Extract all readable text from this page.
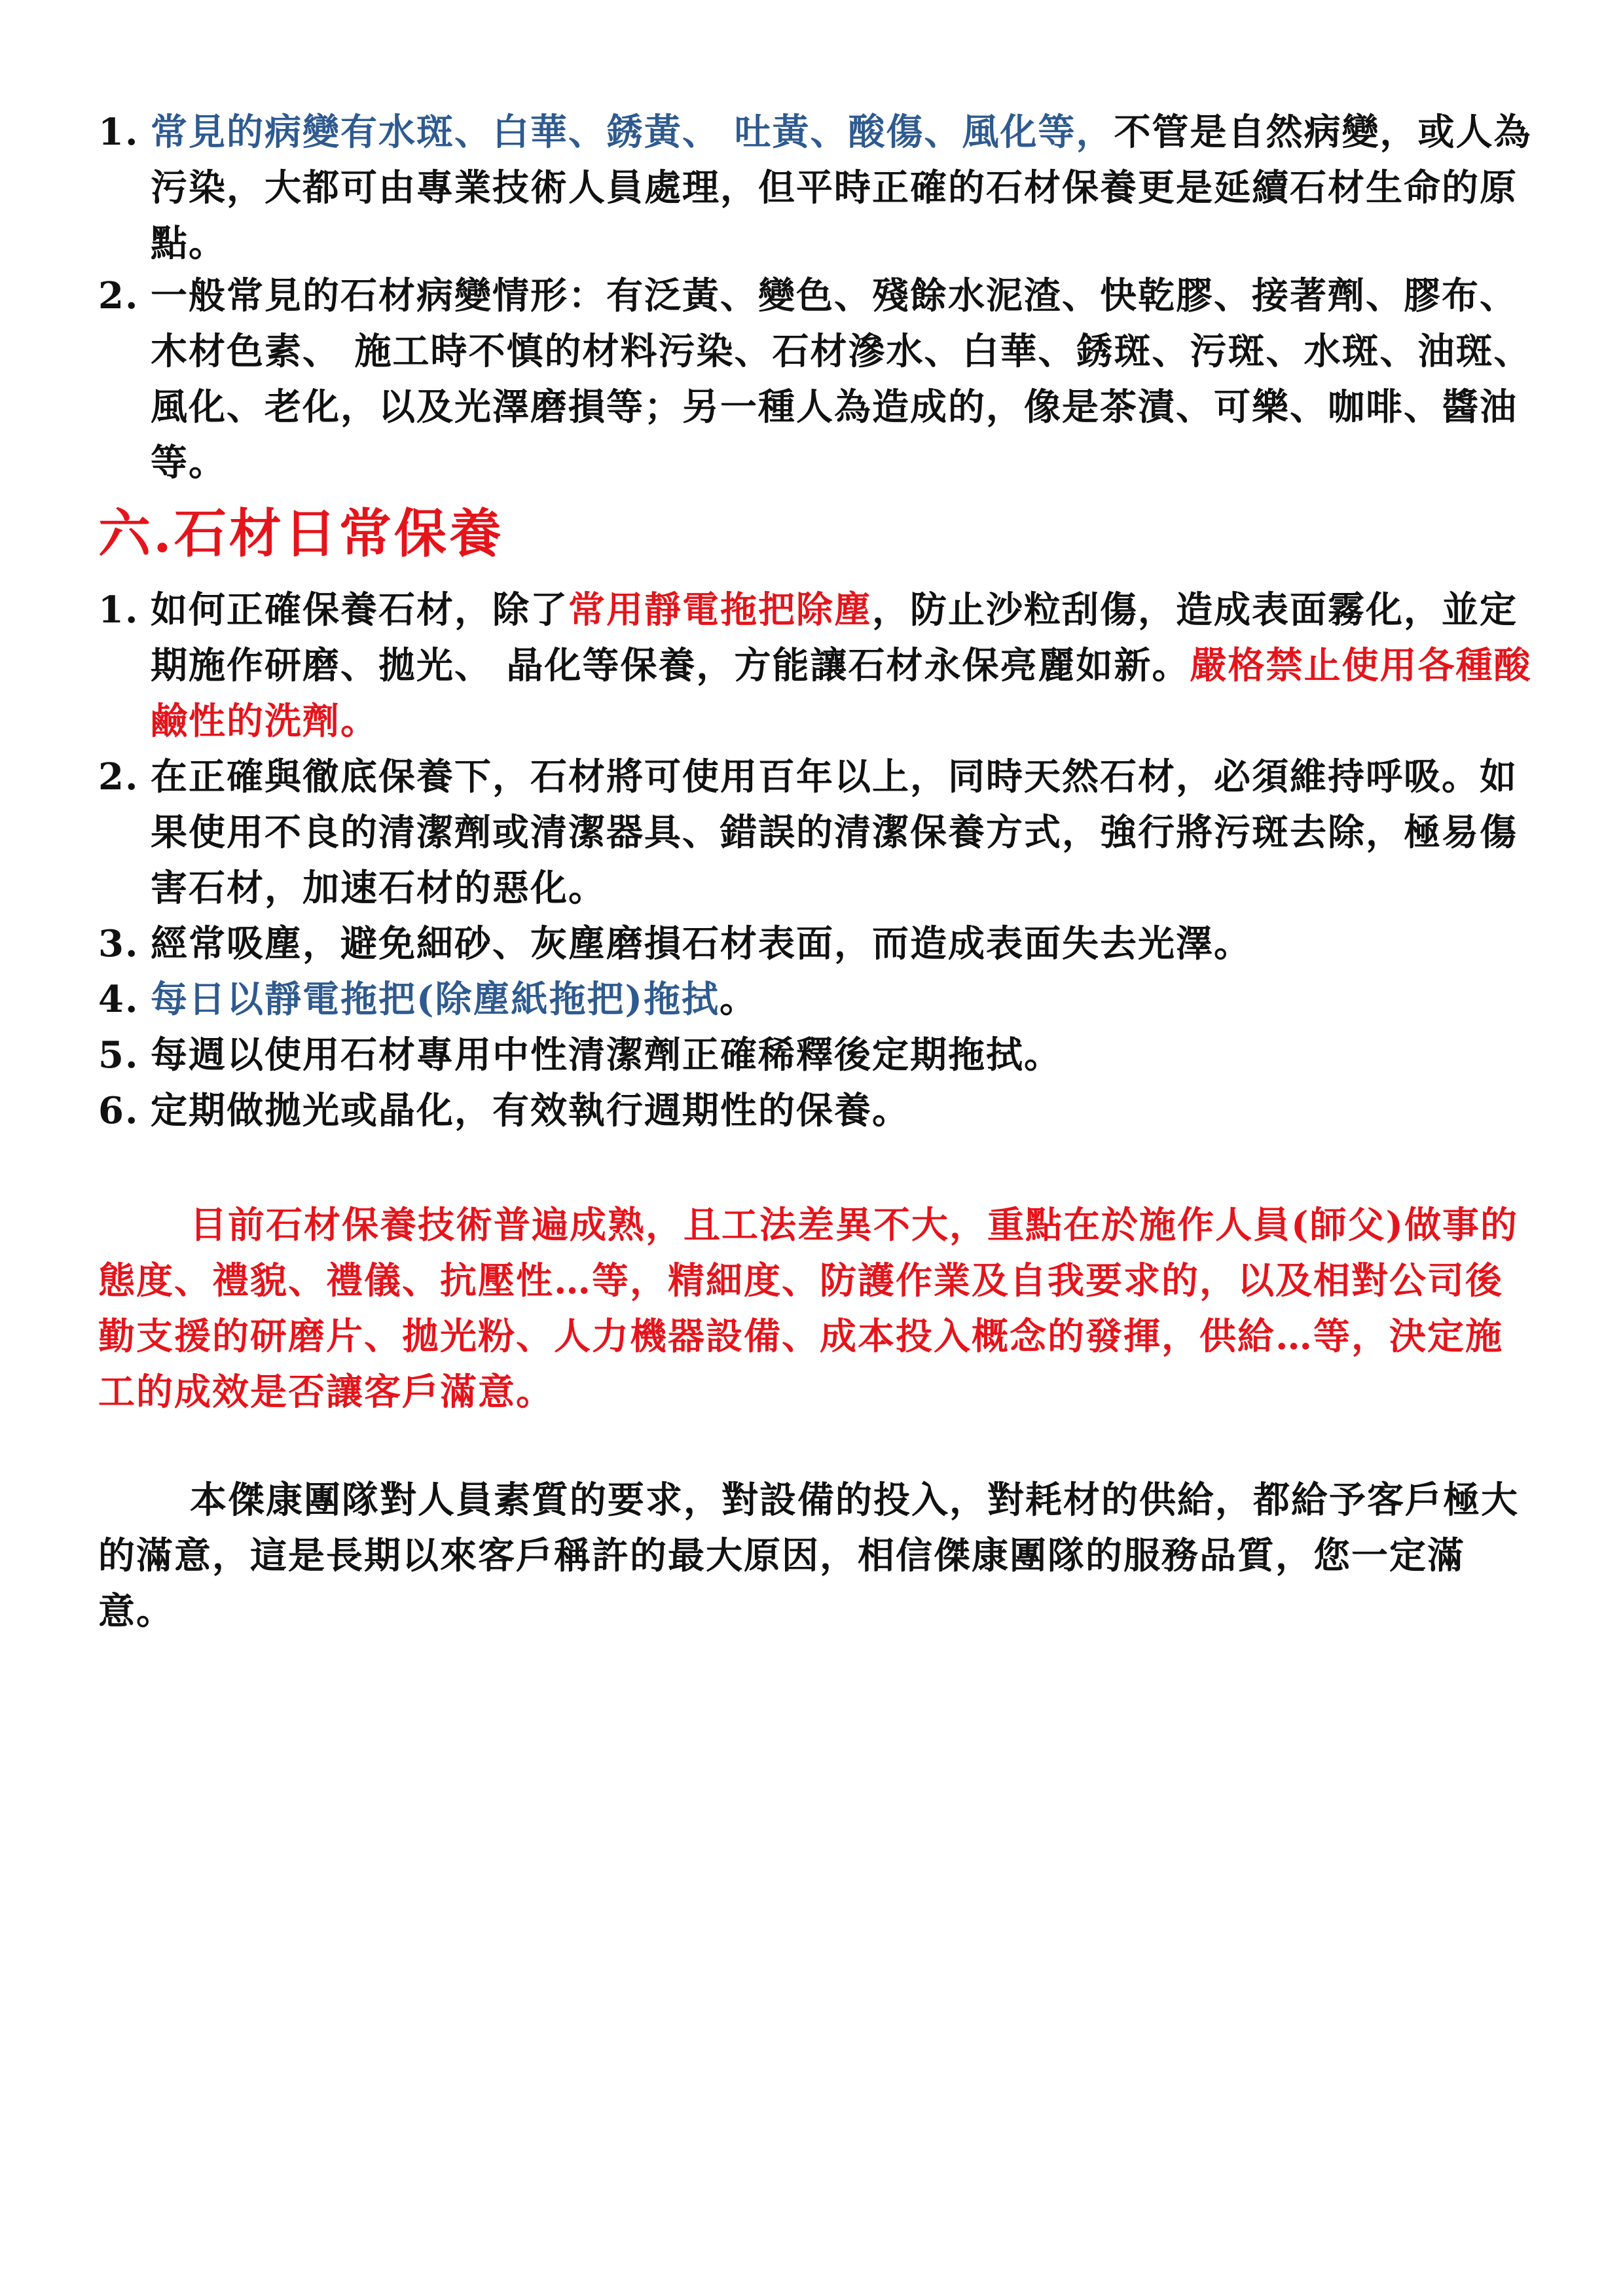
1. 常見的病變有水斑、白華、銹黃、 吐黃、酸傷、風化等，不管是自然病變，或人為污染，大都可由專業技術人員處理，但平時正確的石材保養更是延續石材生命的原點。
2. 一般常見的石材病變情形：有泛黃、變色、殘餘水泥渣、快乾膠、接著劑、膠布、木材色素、 施工時不慎的材料污染、石材滲水、白華、銹斑、污斑、水斑、油斑、風化、老化，以及光澤磨損等；另一種人為造成的，像是茶漬、可樂、咖啡、醬油等。
六.石材日常保養
1. 如何正確保養石材，除了常用靜電拖把除塵，防止沙粒刮傷，造成表面霧化，並定期施作研磨、拋光、 晶化等保養，方能讓石材永保亮麗如新。嚴格禁止使用各種酸鹼性的洗劑。
2. 在正確與徹底保養下，石材將可使用百年以上，同時天然石材，必須維持呼吸。如果使用不良的清潔劑或清潔器具、錯誤的清潔保養方式，強行將污斑去除，極易傷害石材，加速石材的惡化。
3. 經常吸塵，避免細砂、灰塵磨損石材表面，而造成表面失去光澤。
4. 每日以靜電拖把(除塵紙拖把)拖拭。
5. 每週以使用石材專用中性清潔劑正確稀釋後定期拖拭。
6. 定期做拋光或晶化，有效執行週期性的保養。
目前石材保養技術普遍成熟，且工法差異不大，重點在於施作人員(師父)做事的態度、禮貌、禮儀、抗壓性…等，精細度、防護作業及自我要求的，以及相對公司後勤支援的研磨片、拋光粉、人力機器設備、成本投入概念的發揮，供給…等，決定施工的成效是否讓客戶滿意。
本傑康團隊對人員素質的要求，對設備的投入，對耗材的供給，都給予客戶極大的滿意，這是長期以來客戶稱許的最大原因，相信傑康團隊的服務品質，您一定滿意。
